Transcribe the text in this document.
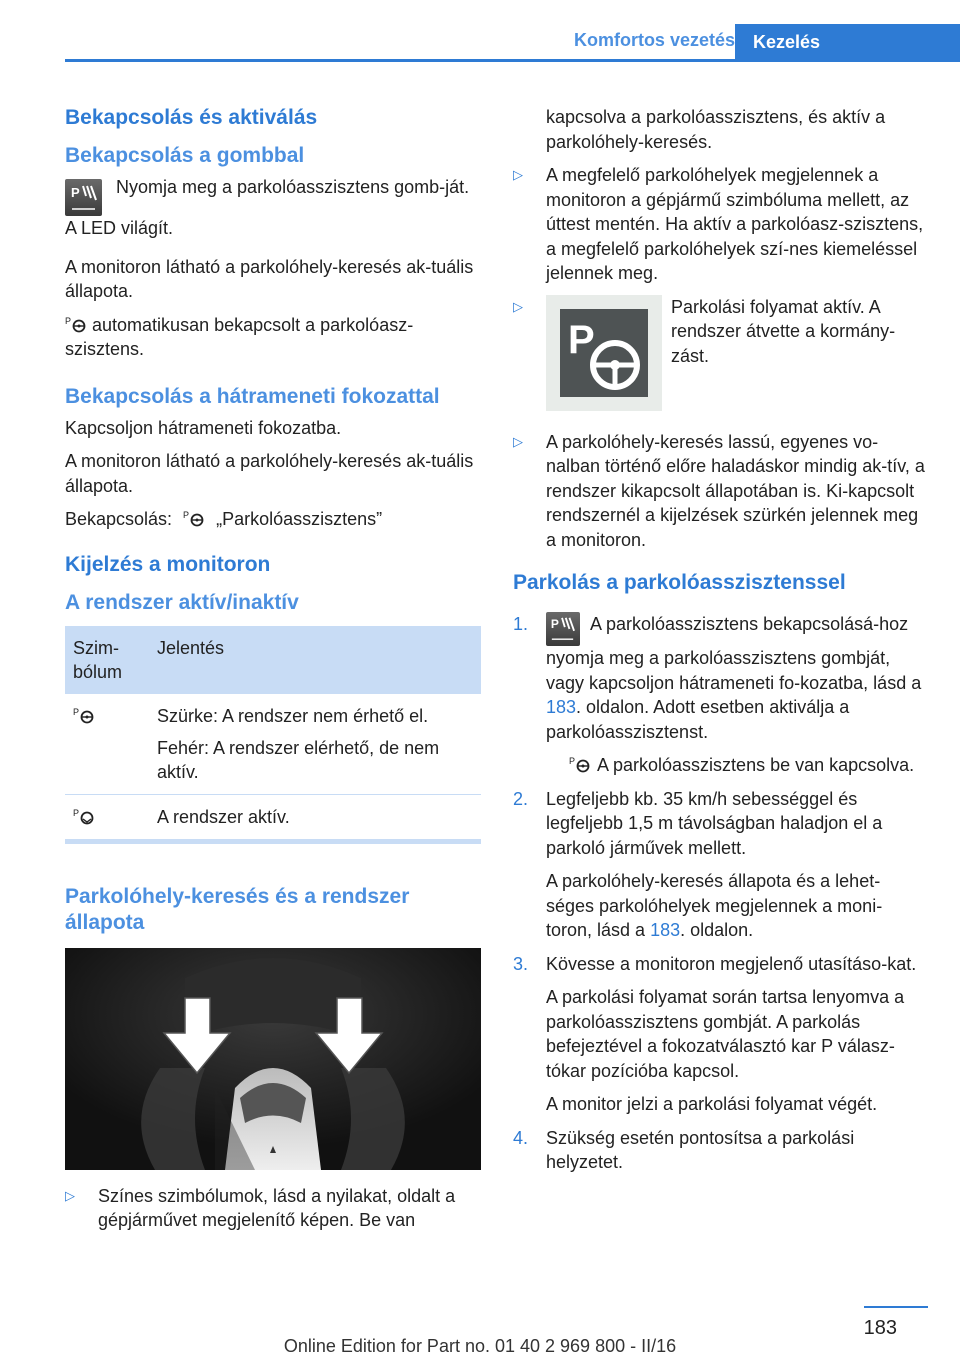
Komfortos vezetés	Kezelés
Bekapcsolás és aktiválás
Bekapcsolás a gombbal
P	Nyomja meg a parkolóasszisztens gomb-ját.

A LED világít.

A monitoron látható a parkolóhely-keresés ak-tuális állapota.

P automatikusan bekapcsolt a parkolóasz-szisztens.

Bekapcsolás a hátrameneti fokozattal

Kapcsoljon hátrameneti fokozatba.

A monitoron látható a parkolóhely-keresés ak-tuális állapota.

Bekapcsolás: P „Parkolóasszisztens”

Kijelzés a monitoron
A rendszer aktív/inaktív
Szim-bólum	Jelentés

P	Szürke: A rendszer nem érhető el.

Fehér: A rendszer elérhető, de nem aktív.

P	A rendszer aktív.
Parkolóhely-keresés és a rendszer állapota
▷ Színes szimbólumok, lásd a nyilakat, oldalt a gépjárművet megjelenítő képen. Be van

kapcsolva a parkolóasszisztens, és aktív a parkolóhely-keresés.

▷ A megfelelő parkolóhelyek megjelennek a monitoron a gépjármű szimbóluma mellett, az úttest mentén. Ha aktív a parkolóasz-szisztens, a megfelelő parkolóhelyek szí-nes kiemeléssel jelennek meg.
▷ P
Parkolási folyamat aktív. A rendszer átvette a kormány-zást.
▷ A parkolóhely-keresés lassú, egyenes vo-nalban történő előre haladáskor mindig ak-tív, a rendszer kikapcsolt állapotában is. Ki-kapcsolt rendszernél a kijelzések szürkén jelennek meg a monitoron.
Parkolás a parkolóasszisztenssel
1. P A parkolóasszisztens bekapcsolásá-hoz nyomja meg a parkolóasszisztens gombját, vagy kapcsoljon hátrameneti fo-kozatba, lásd a 183. oldalon. Adott esetben aktiválja a parkolóasszisztenst.

P A parkolóasszisztens be van kapcsolva.

2. Legfeljebb kb. 35 km/h sebességgel és legfeljebb 1,5 m távolságban haladjon el a parkoló járművek mellett.

A parkolóhely-keresés állapota és a lehet-séges parkolóhelyek megjelennek a moni-toron, lásd a 183. oldalon.

3. Kövesse a monitoron megjelenő utasításo-kat.

A parkolási folyamat során tartsa lenyomva a parkolóasszisztens gombját. A parkolás befejeztével a fokozatválasztó kar P válasz-tókar pozícióba kapcsol.

A monitor jelzi a parkolási folyamat végét.

4. Szükség esetén pontosítsa a parkolási helyzetet.

183
Online Edition for Part no. 01 40 2 969 800 - II/16
